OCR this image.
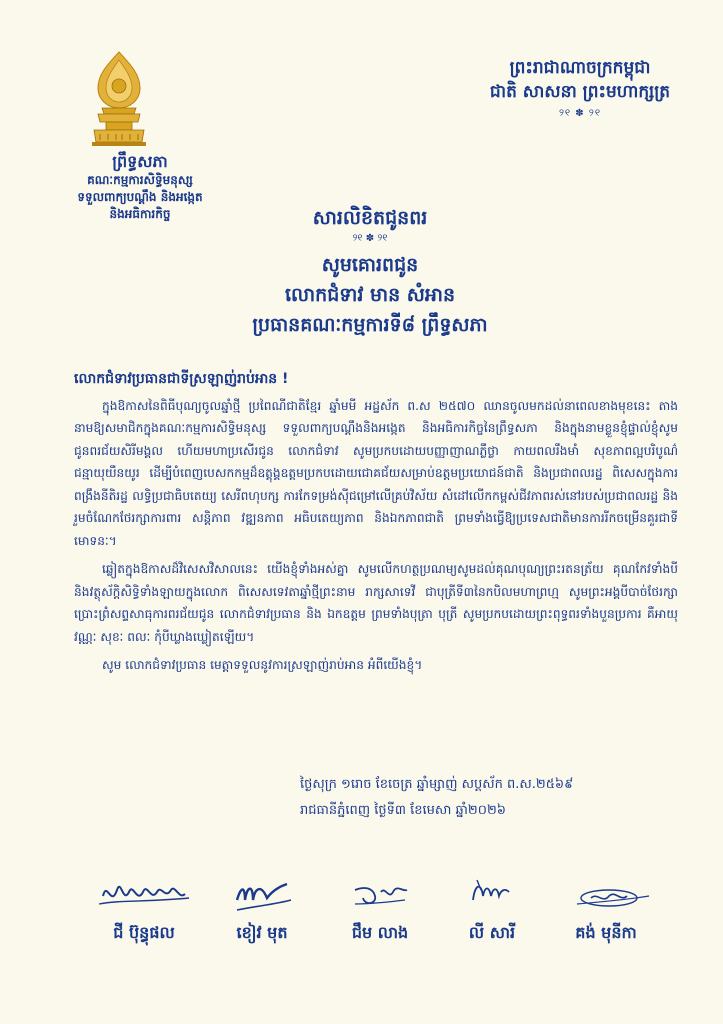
ព្រឹទ្ធសភា
គណៈកម្មការសិទ្ធិមនុស្ស
ទទួលពាក្យបណ្តឹង និងអង្កេត
និងអធិការកិច្ច
ព្រះរាជាណាចក្រកម្ពុជា
ជាតិ សាសនា ព្រះមហាក្សត្រ
୨୧ ✽ ୨୧
សារលិខិតជូនពរ
୨୧ ✽ ୨୧
សូមគោរពជូន
លោកជំទាវ មាន សំអាន
ប្រធានគណៈកម្មការទី៨ ព្រឹទ្ធសភា
លោកជំទាវប្រធានជាទីស្រឡាញ់រាប់អាន !

ក្នុងឱកាសនៃពិធីបុណ្យចូលឆ្នាំថ្មី ប្រពៃណីជាតិខ្មែរ ឆ្នាំមមី អដ្ឋស័ក ព.ស ២៥៧០ ឈានចូលមកដល់នាពេលខាងមុខនេះ តាងនាមឱ្យសមាជិកក្នុងគណៈកម្មការសិទ្ធិមនុស្ស ទទួលពាក្យបណ្តឹងនិងអង្កេត និងអធិការកិច្ចនៃព្រឹទ្ធសភា និងក្នុងនាមខ្លួនខ្ញុំផ្ទាល់ខ្ញុំសូមជូនពរជ័យសិរីមង្គល ហើយមហាប្រសើរជូន លោកជំទាវ សូមប្រកបដោយបញ្ញាញាណភ្លឺថ្លា កាយពលរឹងមាំ សុខភាពល្អបរិបូណ៌ ជន្មាយុយឺនយូរ ដើម្បីបំពេញបេសកកម្មដ៏ឧត្តុង្គឧត្តមប្រកបដោយជោគជ័យសម្រាប់ឧត្តមប្រយោជន៍ជាតិ និងប្រជាពលរដ្ឋ ពិសេសក្នុងការពង្រឹងនីតិរដ្ឋ លទ្ធិប្រជាធិបតេយ្យ សេរីពហុបក្ស ការកែទម្រង់ស៊ីជម្រៅលើគ្រប់វិស័យ សំដៅលើកកម្ពស់ជីវភាពរស់នៅរបស់ប្រជាពលរដ្ឋ និងរួមចំណែកថែរក្សាការពារ សន្តិភាព វឌ្ឍនភាព អធិបតេយ្យភាព និងឯកភាពជាតិ ព្រមទាំងធ្វើឱ្យប្រទេសជាតិមានការរីកចម្រើនគួរជាទីមោទនៈ។

ឆ្លៀតក្នុងឱកាសដ៏វិសេសវិសាលនេះ យើងខ្ញុំទាំងអស់គ្នា សូមលើកហត្ថប្រណម្យសូមដល់គុណបុណ្យព្រះរតនត្រ័យ គុណកែវទាំងបី និងវត្ថុស័ក្តិសិទ្ធិទាំងឡាយក្នុងលោក ពិសេសទេវតាឆ្នាំថ្មីព្រះនាម រាក្សសាទេវី ជាបុត្រីទី៣នៃកបិលមហាព្រហ្ម សូមព្រះអង្គបីបាច់ថែរក្សាប្រោះព្រំសព្ទសាធុការពរជ័យជូន លោកជំទាវប្រធាន និង ឯកឧត្តម ព្រមទាំងបុត្រា បុត្រី សូមប្រកបដោយព្រះពុទ្ធពរទាំងបួនប្រការ គឺអាយុ វណ្ណៈ សុខៈ ពលៈ កុំបីឃ្លាងឃ្លៀតឡើយ។

សូម លោកជំទាវប្រធាន មេត្តាទទួលនូវការស្រឡាញ់រាប់អាន អំពីយើងខ្ញុំ។

ថ្ងៃសុក្រ ១រោច ខែចេត្រ ឆ្នាំម្សាញ់ សប្តស័ក ព.ស.២៥៦៩
រាជធានីភ្នំពេញ ថ្ងៃទី៣ ខែមេសា ឆ្នាំ២០២៦
ជី ប៊ុន្ធុផល	ខៀវ មុត	ជឹម លាង	លី សារី	គង់ មុនីកា
